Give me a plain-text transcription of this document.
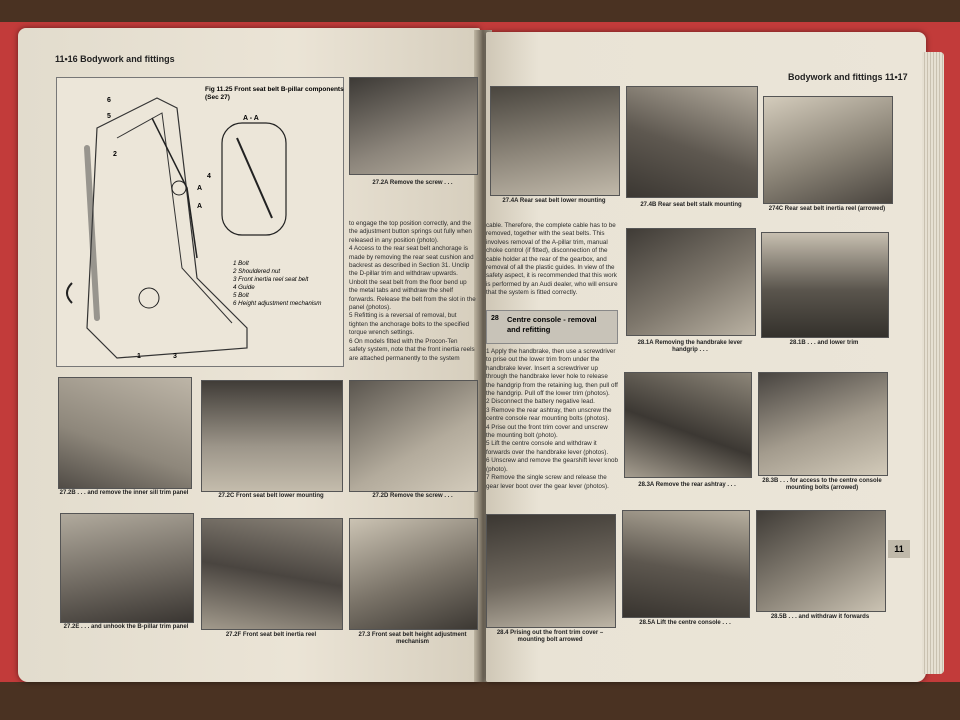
11•16 Bodywork and fittings
Bodywork and fittings 11•17
6
5
2
4
A
A
1	3
A - A
Fig 11.25 Front seat belt B-pillar components (Sec 27)
1 Bolt
2 Shouldered nut
3 Front inertia reel seat belt
4 Guide
5 Bolt
6 Height adjustment mechanism
27.2A Remove the screw . . .
to engage the top position correctly, and the the adjustment button springs out fully when released in any position (photo).
4 Access to the rear seat belt anchorage is made by removing the rear seat cushion and backrest as described in Section 31. Unclip the D-pillar trim and withdraw upwards. Unbolt the seat belt from the floor bend up the metal tabs and withdraw the shelf forwards. Release the belt from the slot in the panel (photos).
5 Refitting is a reversal of removal, but tighten the anchorage bolts to the specified torque wrench settings.
6 On models fitted with the Procon-Ten safety system, note that the front inertia reels are attached permanently to the system
27.2B . . . and remove the inner sill trim panel	27.2C Front seat belt lower mounting	27.2D Remove the screw . . .
27.2E . . . and unhook the B-pillar trim panel
27.2F Front seat belt inertia reel	27.3 Front seat belt height adjustment mechanism
27.4A Rear seat belt lower mounting
27.4B Rear seat belt stalk mounting
274C Rear seat belt inertia reel (arrowed)
cable. Therefore, the complete cable has to be removed, together with the seat belts. This involves removal of the A-pillar trim, manual choke control (if fitted), disconnection of the cable holder at the rear of the gearbox, and removal of all the plastic guides. In view of the safety aspect, it is recommended that this work is performed by an Audi dealer, who will ensure that the system is fitted correctly.
28 Centre console - removal and refitting
1 Apply the handbrake, then use a screwdriver to prise out the lower trim from under the handbrake lever. Insert a screwdriver up through the handbrake lever hole to release the handgrip from the retaining lug, then pull off the handgrip. Pull off the lower trim (photos).
2 Disconnect the battery negative lead.
3 Remove the rear ashtray, then unscrew the centre console rear mounting bolts (photos).
4 Prise out the front trim cover and unscrew the mounting bolt (photo).
5 Lift the centre console and withdraw it forwards over the handbrake lever (photos).
6 Unscrew and remove the gearshift lever knob (photo).
7 Remove the single screw and release the gear lever boot over the gear lever (photos).
28.1A Removing the handbrake lever handgrip . . .
28.1B . . . and lower trim
28.3A Remove the rear ashtray . . .
28.3B . . . for access to the centre console mounting bolts (arrowed)
28.4 Prising out the front trim cover – mounting bolt arrowed
28.5A Lift the centre console . . .
28.5B . . . and withdraw it forwards
11
